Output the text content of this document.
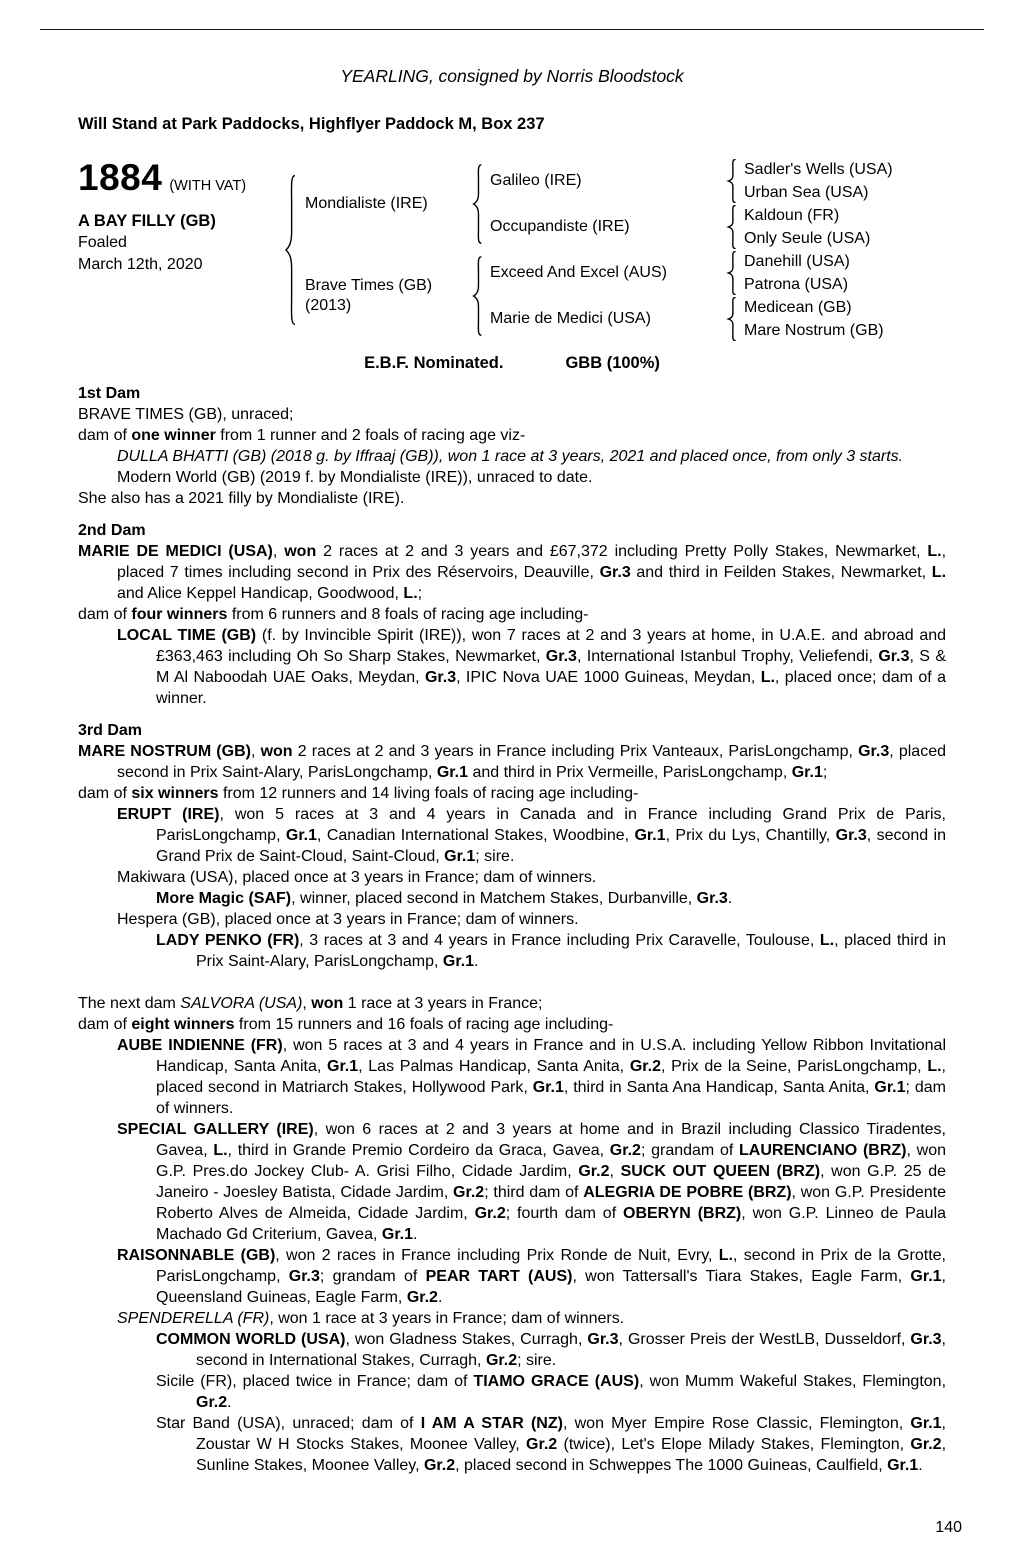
YEARLING, consigned by Norris Bloodstock
Will Stand at Park Paddocks, Highflyer Paddock M, Box 237
1884 (WITH VAT)
A BAY FILLY (GB)
Foaled
March 12th, 2020
Mondialiste (IRE)
Galileo (IRE)
Sadler's Wells (USA)
Urban Sea (USA)
Occupandiste (IRE)
Kaldoun (FR)
Only Seule (USA)
Brave Times (GB)
(2013)
Exceed And Excel (AUS)
Danehill (USA)
Patrona (USA)
Marie de Medici (USA)
Medicean (GB)
Mare Nostrum (GB)
E.B.F. Nominated.	GBB (100%)
1st Dam
BRAVE TIMES (GB), unraced;
dam of one winner from 1 runner and 2 foals of racing age viz-
DULLA BHATTI (GB) (2018 g. by Iffraaj (GB)), won 1 race at 3 years, 2021 and placed once, from only 3 starts.
Modern World (GB) (2019 f. by Mondialiste (IRE)), unraced to date.
She also has a 2021 filly by Mondialiste (IRE).
2nd Dam
MARIE DE MEDICI (USA), won 2 races at 2 and 3 years and £67,372 including Pretty Polly Stakes, Newmarket, L., placed 7 times including second in Prix des Réservoirs, Deauville, Gr.3 and third in Feilden Stakes, Newmarket, L. and Alice Keppel Handicap, Goodwood, L.;
dam of four winners from 6 runners and 8 foals of racing age including-
LOCAL TIME (GB) (f. by Invincible Spirit (IRE)), won 7 races at 2 and 3 years at home, in U.A.E. and abroad and £363,463 including Oh So Sharp Stakes, Newmarket, Gr.3, International Istanbul Trophy, Veliefendi, Gr.3, S & M Al Naboodah UAE Oaks, Meydan, Gr.3, IPIC Nova UAE 1000 Guineas, Meydan, L., placed once; dam of a winner.
3rd Dam
MARE NOSTRUM (GB), won 2 races at 2 and 3 years in France including Prix Vanteaux, ParisLongchamp, Gr.3, placed second in Prix Saint-Alary, ParisLongchamp, Gr.1 and third in Prix Vermeille, ParisLongchamp, Gr.1;
dam of six winners from 12 runners and 14 living foals of racing age including-
ERUPT (IRE), won 5 races at 3 and 4 years in Canada and in France including Grand Prix de Paris, ParisLongchamp, Gr.1, Canadian International Stakes, Woodbine, Gr.1, Prix du Lys, Chantilly, Gr.3, second in Grand Prix de Saint-Cloud, Saint-Cloud, Gr.1; sire.
Makiwara (USA), placed once at 3 years in France; dam of winners.
More Magic (SAF), winner, placed second in Matchem Stakes, Durbanville, Gr.3.
Hespera (GB), placed once at 3 years in France; dam of winners.
LADY PENKO (FR), 3 races at 3 and 4 years in France including Prix Caravelle, Toulouse, L., placed third in Prix Saint-Alary, ParisLongchamp, Gr.1.
The next dam SALVORA (USA), won 1 race at 3 years in France;
dam of eight winners from 15 runners and 16 foals of racing age including-
AUBE INDIENNE (FR), won 5 races at 3 and 4 years in France and in U.S.A. including Yellow Ribbon Invitational Handicap, Santa Anita, Gr.1, Las Palmas Handicap, Santa Anita, Gr.2, Prix de la Seine, ParisLongchamp, L., placed second in Matriarch Stakes, Hollywood Park, Gr.1, third in Santa Ana Handicap, Santa Anita, Gr.1; dam of winners.
SPECIAL GALLERY (IRE), won 6 races at 2 and 3 years at home and in Brazil including Classico Tiradentes, Gavea, L., third in Grande Premio Cordeiro da Graca, Gavea, Gr.2; grandam of LAURENCIANO (BRZ), won G.P. Pres.do Jockey Club- A. Grisi Filho, Cidade Jardim, Gr.2, SUCK OUT QUEEN (BRZ), won G.P. 25 de Janeiro - Joesley Batista, Cidade Jardim, Gr.2; third dam of ALEGRIA DE POBRE (BRZ), won G.P. Presidente Roberto Alves de Almeida, Cidade Jardim, Gr.2; fourth dam of OBERYN (BRZ), won G.P. Linneo de Paula Machado Gd Criterium, Gavea, Gr.1.
RAISONNABLE (GB), won 2 races in France including Prix Ronde de Nuit, Evry, L., second in Prix de la Grotte, ParisLongchamp, Gr.3; grandam of PEAR TART (AUS), won Tattersall's Tiara Stakes, Eagle Farm, Gr.1, Queensland Guineas, Eagle Farm, Gr.2.
SPENDERELLA (FR), won 1 race at 3 years in France; dam of winners.
COMMON WORLD (USA), won Gladness Stakes, Curragh, Gr.3, Grosser Preis der WestLB, Dusseldorf, Gr.3, second in International Stakes, Curragh, Gr.2; sire.
Sicile (FR), placed twice in France; dam of TIAMO GRACE (AUS), won Mumm Wakeful Stakes, Flemington, Gr.2.
Star Band (USA), unraced; dam of I AM A STAR (NZ), won Myer Empire Rose Classic, Flemington, Gr.1, Zoustar W H Stocks Stakes, Moonee Valley, Gr.2 (twice), Let's Elope Milady Stakes, Flemington, Gr.2, Sunline Stakes, Moonee Valley, Gr.2, placed second in Schweppes The 1000 Guineas, Caulfield, Gr.1.
140
